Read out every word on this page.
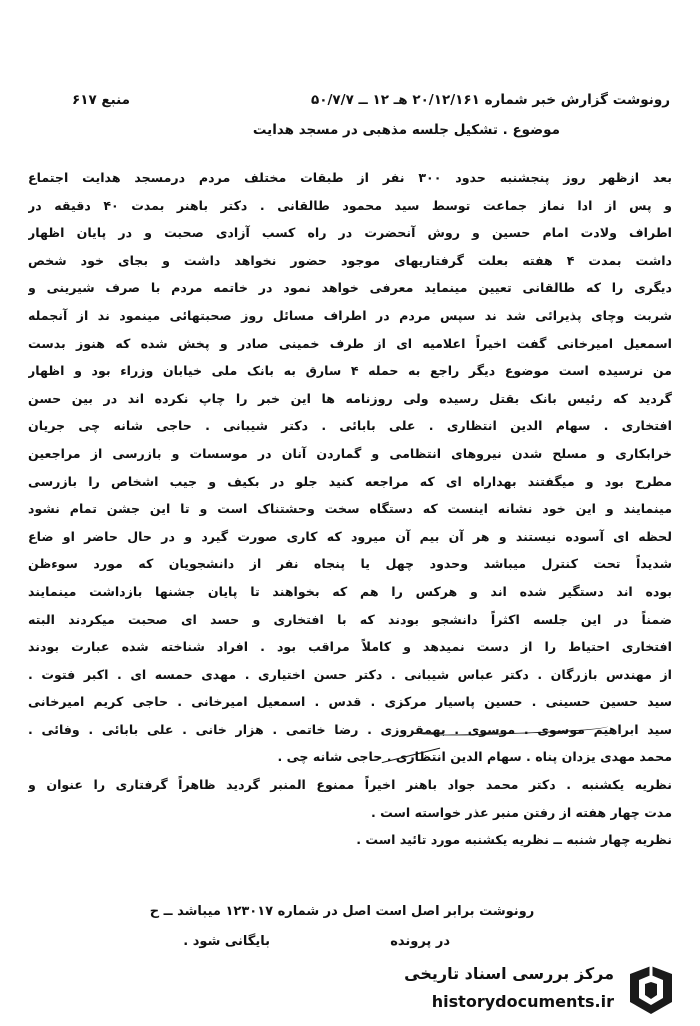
رونوشت گزارش خبر شماره ۲۰/۱۲/۱۶۱ هـ ۱۲ ــ ۵۰/۷/۷
منبع ۶۱۷
موضوع . تشکیل جلسه مذهبی در مسجد هدایت
بعد ازظهر روز پنجشنبه حدود ۳۰۰ نفر از طبقات مختلف مردم درمسجد هدایت اجتماع
و پس از ادا نماز جماعت توسط سید محمود طالقانی . دکتر باهنر بمدت ۴۰ دقیقه در
اطراف ولادت امام حسین و روش آنحضرت در راه کسب آزادی صحبت و در پایان اظهار
داشت بمدت ۴ هفته بعلت گرفتاریهای موجود حضور نخواهد داشت و بجای خود شخص
دیگری را که طالقانی تعیین مینماید معرفی خواهد نمود در خاتمه مردم با صرف شیرینی و
شربت وچای پذیرائی شد ند سپس مردم در اطراف مسائل روز صحبتهائی مینمود ند از آنجمله
اسمعیل امیرخانی گفت اخیراً اعلامیه ای از طرف خمینی صادر و پخش شده که هنوز بدست
من نرسیده است موضوع دیگر راجع به حمله ۴ سارق به بانک ملی خیابان وزراء بود و اظهار
گردید که رئیس بانک بقتل رسیده ولی روزنامه ها این خبر را چاپ نکرده اند در بین حسن
افتخاری . سهام الدین انتظاری . علی بابائی . دکتر شیبانی . حاجی شانه چی جریان
خرابکاری و مسلح شدن نیروهای انتظامی و گماردن آنان در موسسات و بازرسی از مراجعین
مطرح بود و میگفتند بهداراه ای که مراجعه کنید جلو در بکیف و جیب اشخاص را بازرسی
مینمایند و این خود نشانه اینست که دستگاه سخت وحشتناک است و تا این جشن تمام نشود
لحظه ای آسوده نیستند و هر آن بیم آن میرود که کاری صورت گیرد و در حال حاضر او ضاع
شدیداً تحت کنترل میباشد وحدود چهل یا پنجاه نفر از دانشجویان که مورد سوءظن
بوده اند دستگیر شده اند و هرکس را هم که بخواهند تا پایان جشنها بازداشت مینمایند
ضمناً در این جلسه اکثراً دانشجو بودند که با افتخاری و حسد ای صحبت میکردند البته
افتخاری احتیاط را از دست نمیدهد و کاملاً مراقب بود . افراد شناخته شده عبارت بودند
از مهندس بازرگان . دکتر عباس شیبانی . دکتر حسن اختیاری . مهدی حمسه ای . اکبر فتوت .
سید حسین حسینی . حسین پاسیار مرکزی . قدس . اسمعیل امیرخانی . حاجی کریم امیرخانی
سید ابراهیم موسوی . موسوی . بهمقروزی . رضا خاتمی . هزار خانی . علی بابائی . وفائی .
محمد مهدی یزدان پناه . سهام الدین انتظاری . حاجی شانه چی .
نظریه یکشنبه . دکتر محمد جواد باهنر اخیراً ممنوع المنبر گردید ظاهراً گرفتاری را عنوان و
مدت چهار هفته از رفتن منبر عذر خواسته است .
نظریه چهار شنبه ــ نظریه یکشنبه مورد تائید است .
رونوشت برابر اصل است اصل در شماره ۱۲۳۰۱۷ میباشد ــ ح
در پرونده
بایگانی شود .
مرکز بررسی اسناد تاریخی
historydocuments.ir
